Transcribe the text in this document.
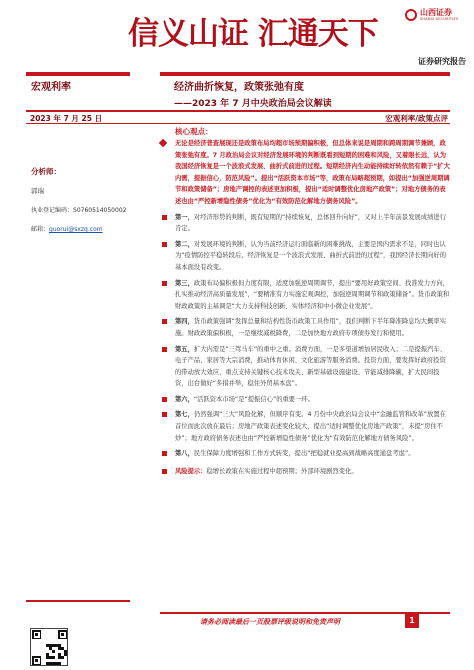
信义山证 汇通天下
山西证券
SHANXI SECURITIES
证券研究报告
宏观利率	经济曲折恢复，政策张弛有度
——2023 年 7 月中央政治局会议解读
2023 年 7 月 25 日	宏观利率/政策点评
分析师：
郭瑞
执业登记编码：S0760514050002
邮箱：guorui@sxzq.com
核心观点：
无论是经济普查展现还是政策布局均超市场预期偏积极，但总体来说是周期和跨周期调节兼顾，政策张弛有度。7 月政治局会议对经济发展环境的判断既看到短期的困难和风险，又着眼长远，认为我国经济恢复是一个波浪式发展、曲折式前进的过程。短期经济内生动能持续好转依然有赖于“扩大内需，提振信心，防范风险”。提出“活跃资本市场”等，政策布局略超预期，如提出“加强逆周期调节和政策储备”；房地产调控的表述更加积极，提出“适时调整优化房地产政策”；对地方债务的表述也由“严控新增隐性债务”优化为“有效防范化解地方债务风险”。
第一，对经济形势的判断，既有短期的“持续恢复，总体回升向好”，又对上半年前景发展成绩进行肯定。
第二，对发展环境的判断，认为当前经济运行面临新的困难挑战，主要是国内需求不足，同时也认为“疫情防控平稳转段后，经济恢复是一个波浪式发展、曲折式前进的过程”，我国经济长期向好的基本面没有改变。
第三，政策布局偏积极但力度有限，适度加强逆周期调节，提出“要用好政策空间、找准发力方向，扎实推动经济高质量发展”，“要精准有力实施宏观调控，加强逆周期调节和政策储备”。货币政策和财政政策的主基调是“大力支持科技创新、实体经济和中小微企业发展”。
第四，货币政策强调“发挥总量和结构性货币政策工具作用”，我们判断下半年降准降息均大概率实施。财政政策偏积极，一是继续减税降费，二是加快地方政府专项债券发行和使用。
第五，扩大内需是“三驾马车”的重中之重。消费方面，一是多渠道增加居民收入；二是提振汽车、电子产品、家居等大宗消费，推动体育休闲、文化旅游等服务消费。投资方面，要发挥好政府投资的带动放大效应，重点支持关键核心技术攻关、新型基础设施建设、节能减排降碳，扩大民间投资，出台做好“多措并举，稳住外贸基本盘”。
第六，“活跃资本市场”是“提振信心”的重要一环。
第七，仍然强调“三大”风险化解，但顺序有变。4 月份中央政治局会议中“金融监管和改革”放置在首位而此次放在最后；房地产政策表述变化较大，提出“适时调整优化房地产政策”，未提“房住不炒”；地方政府债务表述也由“严控新增隐性债务”优化为“有效防范化解地方债务风险”。
第八，民生保障力度增强和工作方式转变，提出“把稳就业提高到战略高度通盘考虑”。
风险提示：稳增长政策在实施过程中超预期；外部环境剧烈变化。
请务必阅读最后一页股票评级说明和免责声明	1
